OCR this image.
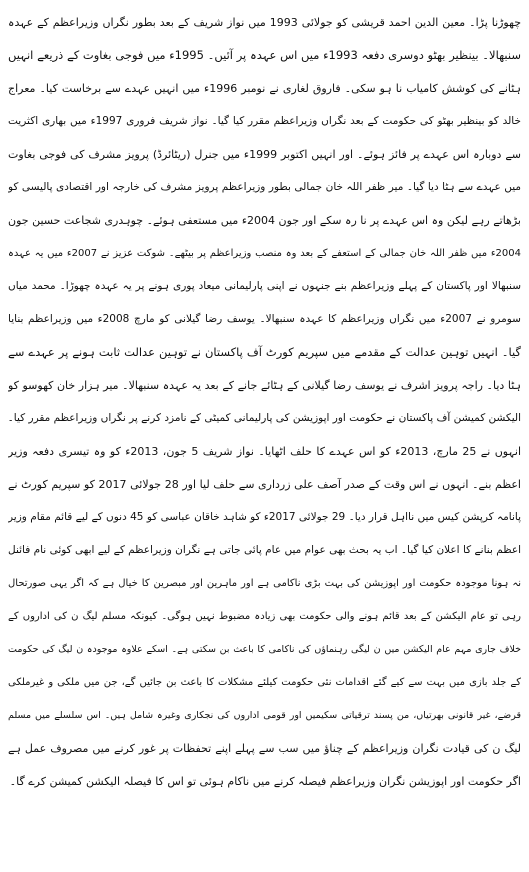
چھوڑنا پڑا۔ معین الدین احمد قریشی کو جولائی 1993 میں نواز شریف کے بعد بطور نگراں وزیراعظم کے عہدہ
سنبھالا۔ بینظیر بھٹو دوسری دفعہ 1993ء میں اس عہدہ پر آئیں۔ 1995ء میں فوجی بغاوت کے ذریعے انہیں
ہٹانے کی کوشش کامیاب نا ہو سکی۔ فاروق لغاری نے نومبر 1996ء میں انہیں عہدے سے برخاست کیا۔ معراج
خالد کو بینظیر بھٹو کی حکومت کے بعد نگراں وزیراعظم مقرر کیا گیا۔ نواز شریف فروری 1997ء میں بھاری اکثریت
سے دوبارہ اس عہدے پر فائز ہوئے۔ اور انہیں اکتوبر 1999ء میں جنرل (ریٹائرڈ) پرویز مشرف کی فوجی بغاوت
میں عہدے سے ہٹا دیا گیا۔ میر ظفر اللہ خان جمالی بطور وزیراعظم پرویز مشرف کی خارجہ اور اقتصادی پالیسی کو
بڑھاتے رہے لیکن وہ اس عہدے پر نا رہ سکے اور جون 2004ء میں مستعفی ہوئے۔ چوہدری شجاعت حسین جون
2004ء میں ظفر اللہ خان جمالی کے استعفے کے بعد وہ منصب وزیراعظم پر بیٹھے۔ شوکت عزیز نے 2007ء میں یہ عہدہ
سنبھالا اور پاکستان کے پہلے وزیراعظم بنے جنہوں نے اپنی پارلیمانی میعاد پوری ہونے پر یہ عہدہ چھوڑا۔ محمد میاں
سومرو نے 2007ء میں نگراں وزیراعظم کا عہدہ سنبھالا۔ یوسف رضا گیلانی کو مارچ 2008ء میں وزیراعظم بنایا
گیا۔ انہیں توہین عدالت کے مقدمے میں سپریم کورٹ آف پاکستان نے توہین عدالت ثابت ہونے پر عہدے سے
ہٹا دیا۔ راجہ پرویز اشرف نے یوسف رضا گیلانی کے ہٹائے جانے کے بعد یہ عہدہ سنبھالا۔ میر ہزار خان کھوسو کو
الیکشن کمیشن آف پاکستان نے حکومت اور اپوزیشن کی پارلیمانی کمیٹی کے نامزد کرنے پر نگراں وزیراعظم مقرر کیا۔
انہوں نے 25 مارچ، 2013ء کو اس عہدے کا حلف اٹھایا۔ نواز شریف 5 جون، 2013ء کو وہ تیسری دفعہ وزیر
اعظم بنے۔ انہوں نے اس وقت کے صدر آصف علی زرداری سے حلف لیا اور 28 جولائی 2017 کو سپریم کورٹ نے
پانامہ کرپشن کیس میں نااہل قرار دیا۔ 29 جولائی 2017ء کو شاہد خاقان عباسی کو 45 دنوں کے لیے قائم مقام وزیر
اعظم بنانے کا اعلان کیا گیا۔ اب یہ بحث بھی عوام میں عام پائی جاتی ہے نگران وزیراعظم کے لیے ابھی کوئی نام فائنل
نہ ہونا موجودہ حکومت اور اپوزیشن کی بہت بڑی ناکامی ہے اور ماہرین اور مبصرین کا خیال ہے کہ اگر یہی صورتحال
رہی تو عام الیکشن کے بعد قائم ہونے والی حکومت بھی زیادہ مضبوط نہیں ہوگی۔ کیونکہ مسلم لیگ ن کی اداروں کے
خلاف جاری مہم عام الیکشن میں ن لیگی رہنماؤں کی ناکامی کا باعث بن سکتی ہے۔ اسکے علاوہ موجودہ ن لیگ کی حکومت
کے جلد بازی میں بہت سے کیے گئے اقدامات نئی حکومت کیلئے مشکلات کا باعث بن جائیں گے، جن میں ملکی و غیرملکی
قرضے، غیر قانونی بھرتیاں، من پسند ترقیاتی سکیمیں اور قومی اداروں کی نجکاری وغیرہ شامل ہیں۔ اس سلسلے میں مسلم
لیگ ن کی قیادت نگران وزیراعظم کے چناؤ میں سب سے پہلے اپنے تحفظات پر غور کرنے میں مصروف عمل ہے
اگر حکومت اور اپوزیشن نگران وزیراعظم فیصلہ کرنے میں ناکام ہوئی تو اس کا فیصلہ الیکشن کمیشن کرے گا۔
